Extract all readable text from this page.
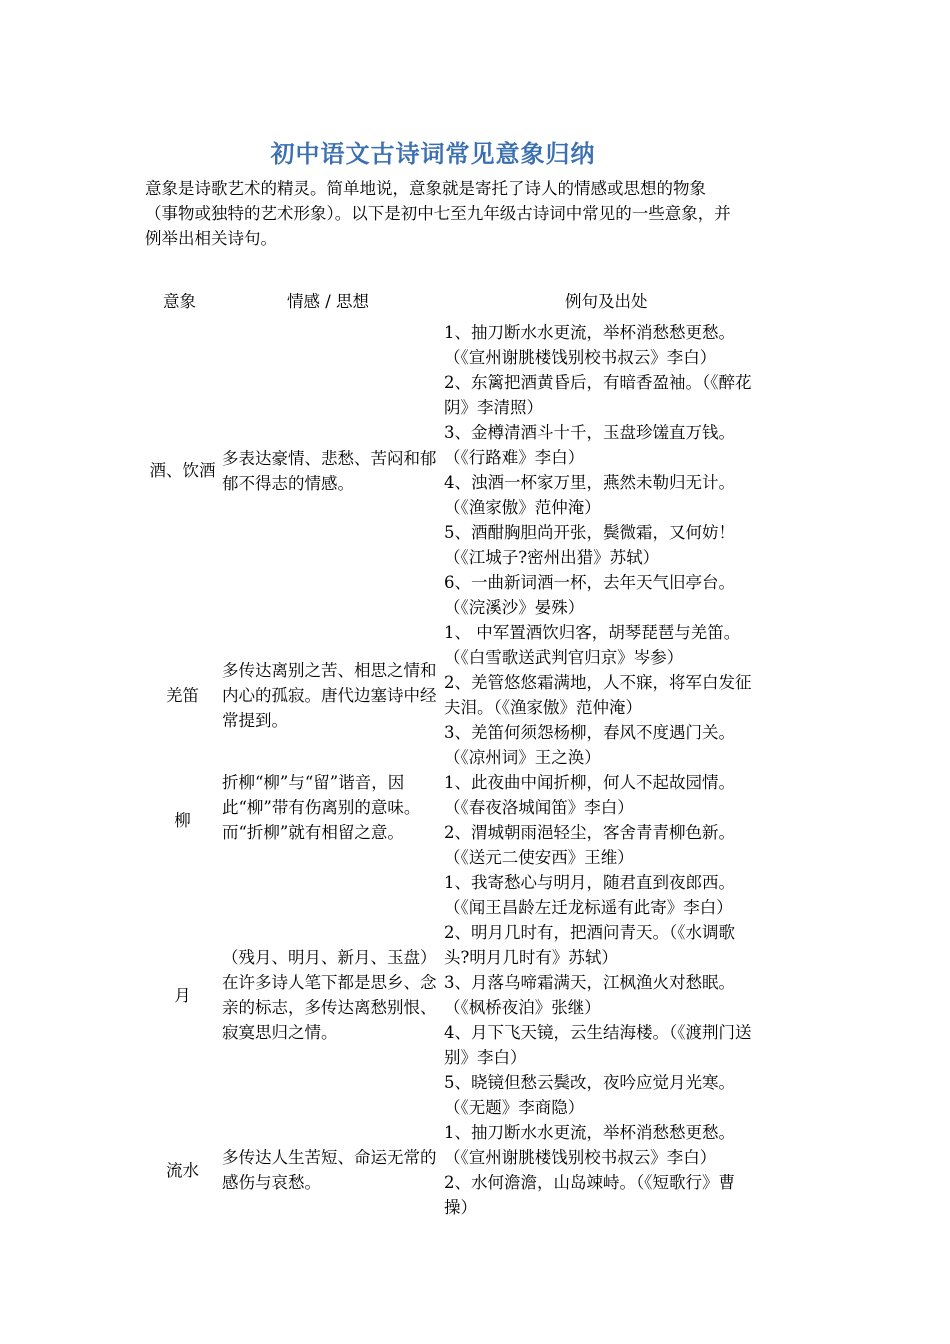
初中语文古诗词常见意象归纳

意象是诗歌艺术的精灵。简单地说，意象就是寄托了诗人的情感或思想的物象

（事物或独特的艺术形象）。以下是初中七至九年级古诗词中常见的一些意象，并

例举出相关诗句。

意象	情感 / 思想	例句及出处
酒、饮酒
多表达豪情、悲愁、苦闷和郁郁不得志的情感。

1、抽刀断水水更流，举杯消愁愁更愁。

（《宣州谢朓楼饯别校书叔云》李白）

2、东篱把酒黄昏后，有暗香盈袖。（《醉花

阴》李清照）

3、金樽清酒斗十千，玉盘珍馐直万钱。

（《行路难》李白）

4、浊酒一杯家万里，燕然未勒归无计。

（《渔家傲》范仲淹）

5、酒酣胸胆尚开张，鬓微霜，又何妨！

（《江城子?密州出猎》苏轼）

6、一曲新词酒一杯，去年天气旧亭台。

（《浣溪沙》晏殊）

羌笛
多传达离别之苦、相思之情和内心的孤寂。唐代边塞诗中经常提到。

1、 中军置酒饮归客，胡琴琵琶与羌笛。

（《白雪歌送武判官归京》岑参）

2、羌管悠悠霜满地，人不寐，将军白发征

夫泪。（《渔家傲》范仲淹）

3、羌笛何须怨杨柳，春风不度遇门关。

（《凉州词》王之涣）

柳
折柳“柳”与“留”谐音，因此“柳”带有伤离别的意味。而“折柳”就有相留之意。

1、此夜曲中闻折柳，何人不起故园情。

（《春夜洛城闻笛》李白）

2、渭城朝雨浥轻尘，客舍青青柳色新。

（《送元二使安西》王维）

月
（残月、明月、新月、玉盘）在许多诗人笔下都是思乡、念亲的标志，多传达离愁别恨、寂寞思归之情。

1、我寄愁心与明月，随君直到夜郎西。

（《闻王昌龄左迁龙标遥有此寄》李白）

2、明月几时有，把酒问青天。（《水调歌

头?明月几时有》苏轼）

3、月落乌啼霜满天，江枫渔火对愁眠。

（《枫桥夜泊》张继）

4、月下飞天镜，云生结海楼。（《渡荆门送

别》李白）

5、晓镜但愁云鬓改，夜吟应觉月光寒。

（《无题》李商隐）

流水
多传达人生苦短、命运无常的感伤与哀愁。

1、抽刀断水水更流，举杯消愁愁更愁。

（《宣州谢朓楼饯别校书叔云》李白）

2、水何澹澹，山岛竦峙。（《短歌行》曹

操）
